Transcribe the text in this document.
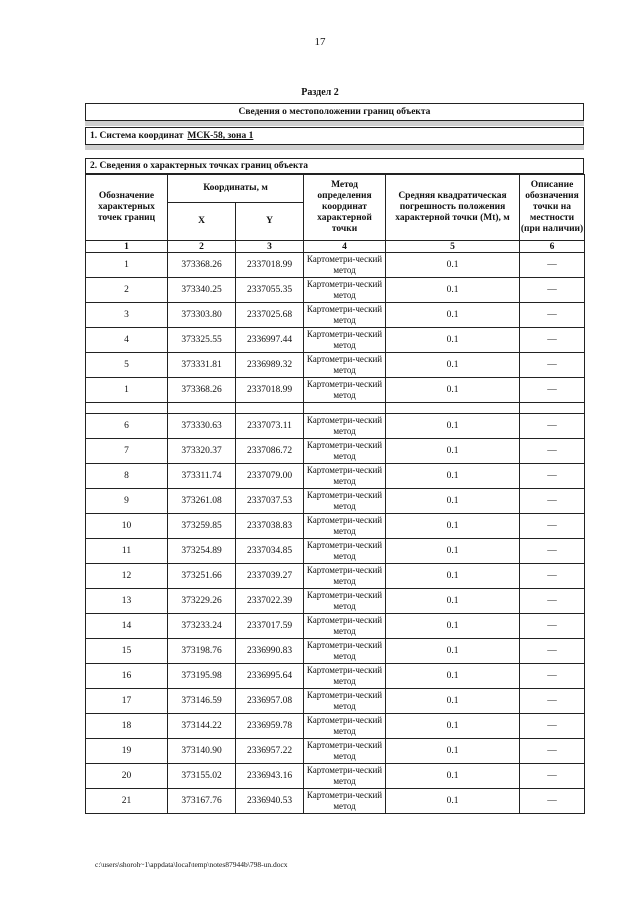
17
Раздел 2
Сведения о местоположении границ объекта
1. Система координат МСК-58, зона 1
2. Сведения о характерных точках границ объекта
Обозначение характерных точек границ	Координаты, м		Метод определения координат характерной точки	Средняя квадратическая погрешность положения характерной точки (Mt), м	Описание обозначения точки на местности (при наличии)
	X	Y			
1	2	3	4	5	6
1	373368.26	2337018.99	Картометри-ческий метод	0.1	—
2	373340.25	2337055.35	Картометри-ческий метод	0.1	—
3	373303.80	2337025.68	Картометри-ческий метод	0.1	—
4	373325.55	2336997.44	Картометри-ческий метод	0.1	—
5	373331.81	2336989.32	Картометри-ческий метод	0.1	—
1	373368.26	2337018.99	Картометри-ческий метод	0.1	—

6	373330.63	2337073.11	Картометри-ческий метод	0.1	—
7	373320.37	2337086.72	Картометри-ческий метод	0.1	—
8	373311.74	2337079.00	Картометри-ческий метод	0.1	—
9	373261.08	2337037.53	Картометри-ческий метод	0.1	—
10	373259.85	2337038.83	Картометри-ческий метод	0.1	—
11	373254.89	2337034.85	Картометри-ческий метод	0.1	—
12	373251.66	2337039.27	Картометри-ческий метод	0.1	—
13	373229.26	2337022.39	Картометри-ческий метод	0.1	—
14	373233.24	2337017.59	Картометри-ческий метод	0.1	—
15	373198.76	2336990.83	Картометри-ческий метод	0.1	—
16	373195.98	2336995.64	Картометри-ческий метод	0.1	—
17	373146.59	2336957.08	Картометри-ческий метод	0.1	—
18	373144.22	2336959.78	Картометри-ческий метод	0.1	—
19	373140.90	2336957.22	Картометри-ческий метод	0.1	—
20	373155.02	2336943.16	Картометри-ческий метод	0.1	—
21	373167.76	2336940.53	Картометри-ческий метод	0.1	—
c:\users\shoroh~1\appdata\local\temp\notes87944b\798-un.docx
